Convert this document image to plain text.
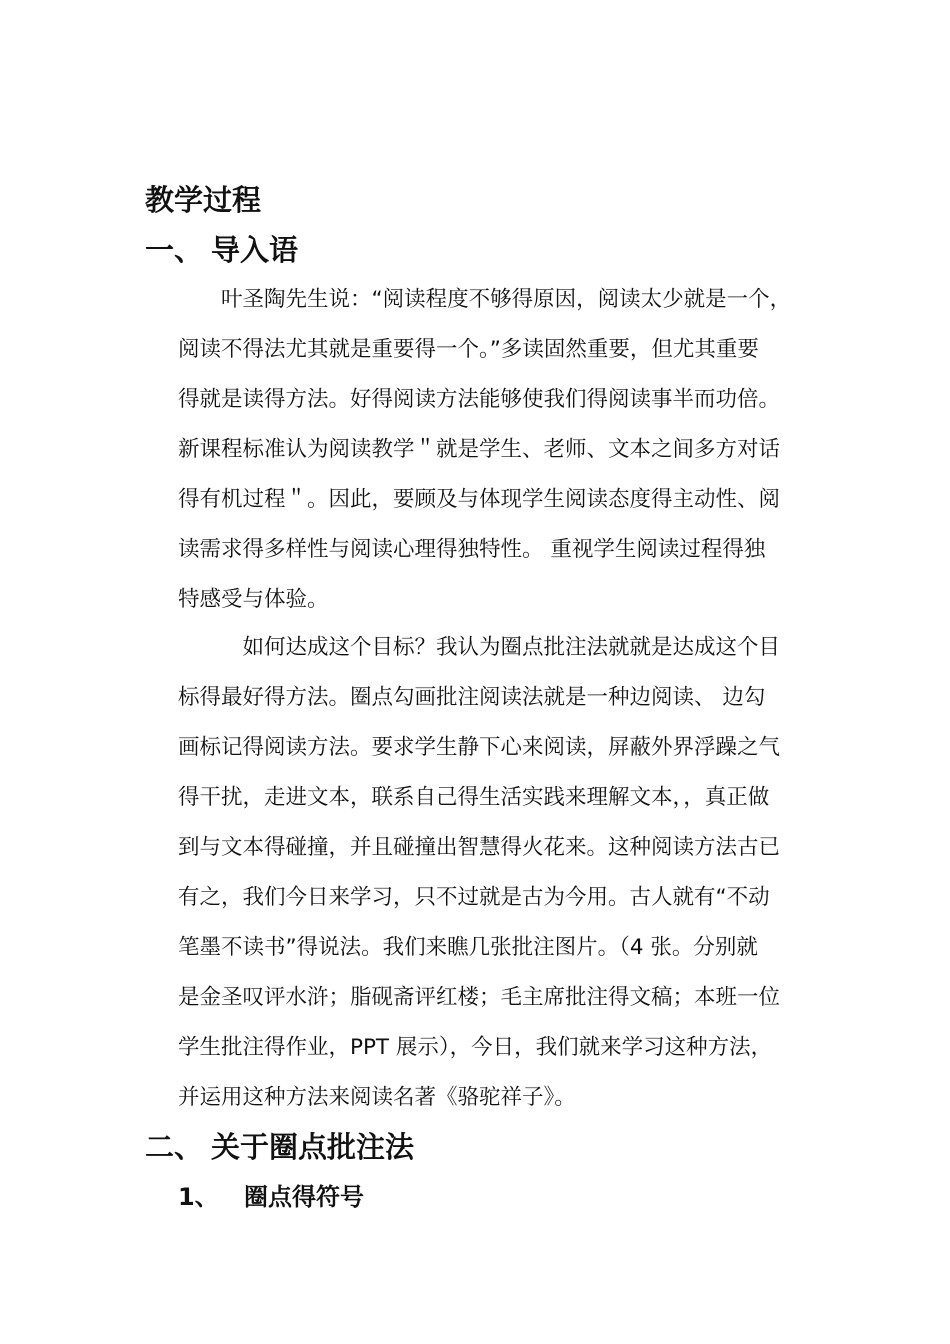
教学过程
一、 导入语
　　叶圣陶先生说：“阅读程度不够得原因，阅读太少就是一个，
阅读不得法尤其就是重要得一个。”多读固然重要，但尤其重要
得就是读得方法。好得阅读方法能够使我们得阅读事半而功倍。
新课程标准认为阅读教学＂就是学生、老师、文本之间多方对话
得有机过程＂。因此，要顾及与体现学生阅读态度得主动性、阅
读需求得多样性与阅读心理得独特性。 重视学生阅读过程得独
特感受与体验。
　　　如何达成这个目标？我认为圈点批注法就就是达成这个目
标得最好得方法。圈点勾画批注阅读法就是一种边阅读、 边勾
画标记得阅读方法。要求学生静下心来阅读，屏蔽外界浮躁之气
得干扰，走进文本，联系自己得生活实践来理解文本，，真正做
到与文本得碰撞，并且碰撞出智慧得火花来。这种阅读方法古已
有之，我们今日来学习，只不过就是古为今用。古人就有“不动
笔墨不读书”得说法。我们来瞧几张批注图片。（4 张。分别就
是金圣叹评水浒；脂砚斋评红楼；毛主席批注得文稿；本班一位
学生批注得作业，PPT 展示），今日，我们就来学习这种方法，
并运用这种方法来阅读名著《骆驼祥子》。
二、 关于圈点批注法
1、 圈点得符号
